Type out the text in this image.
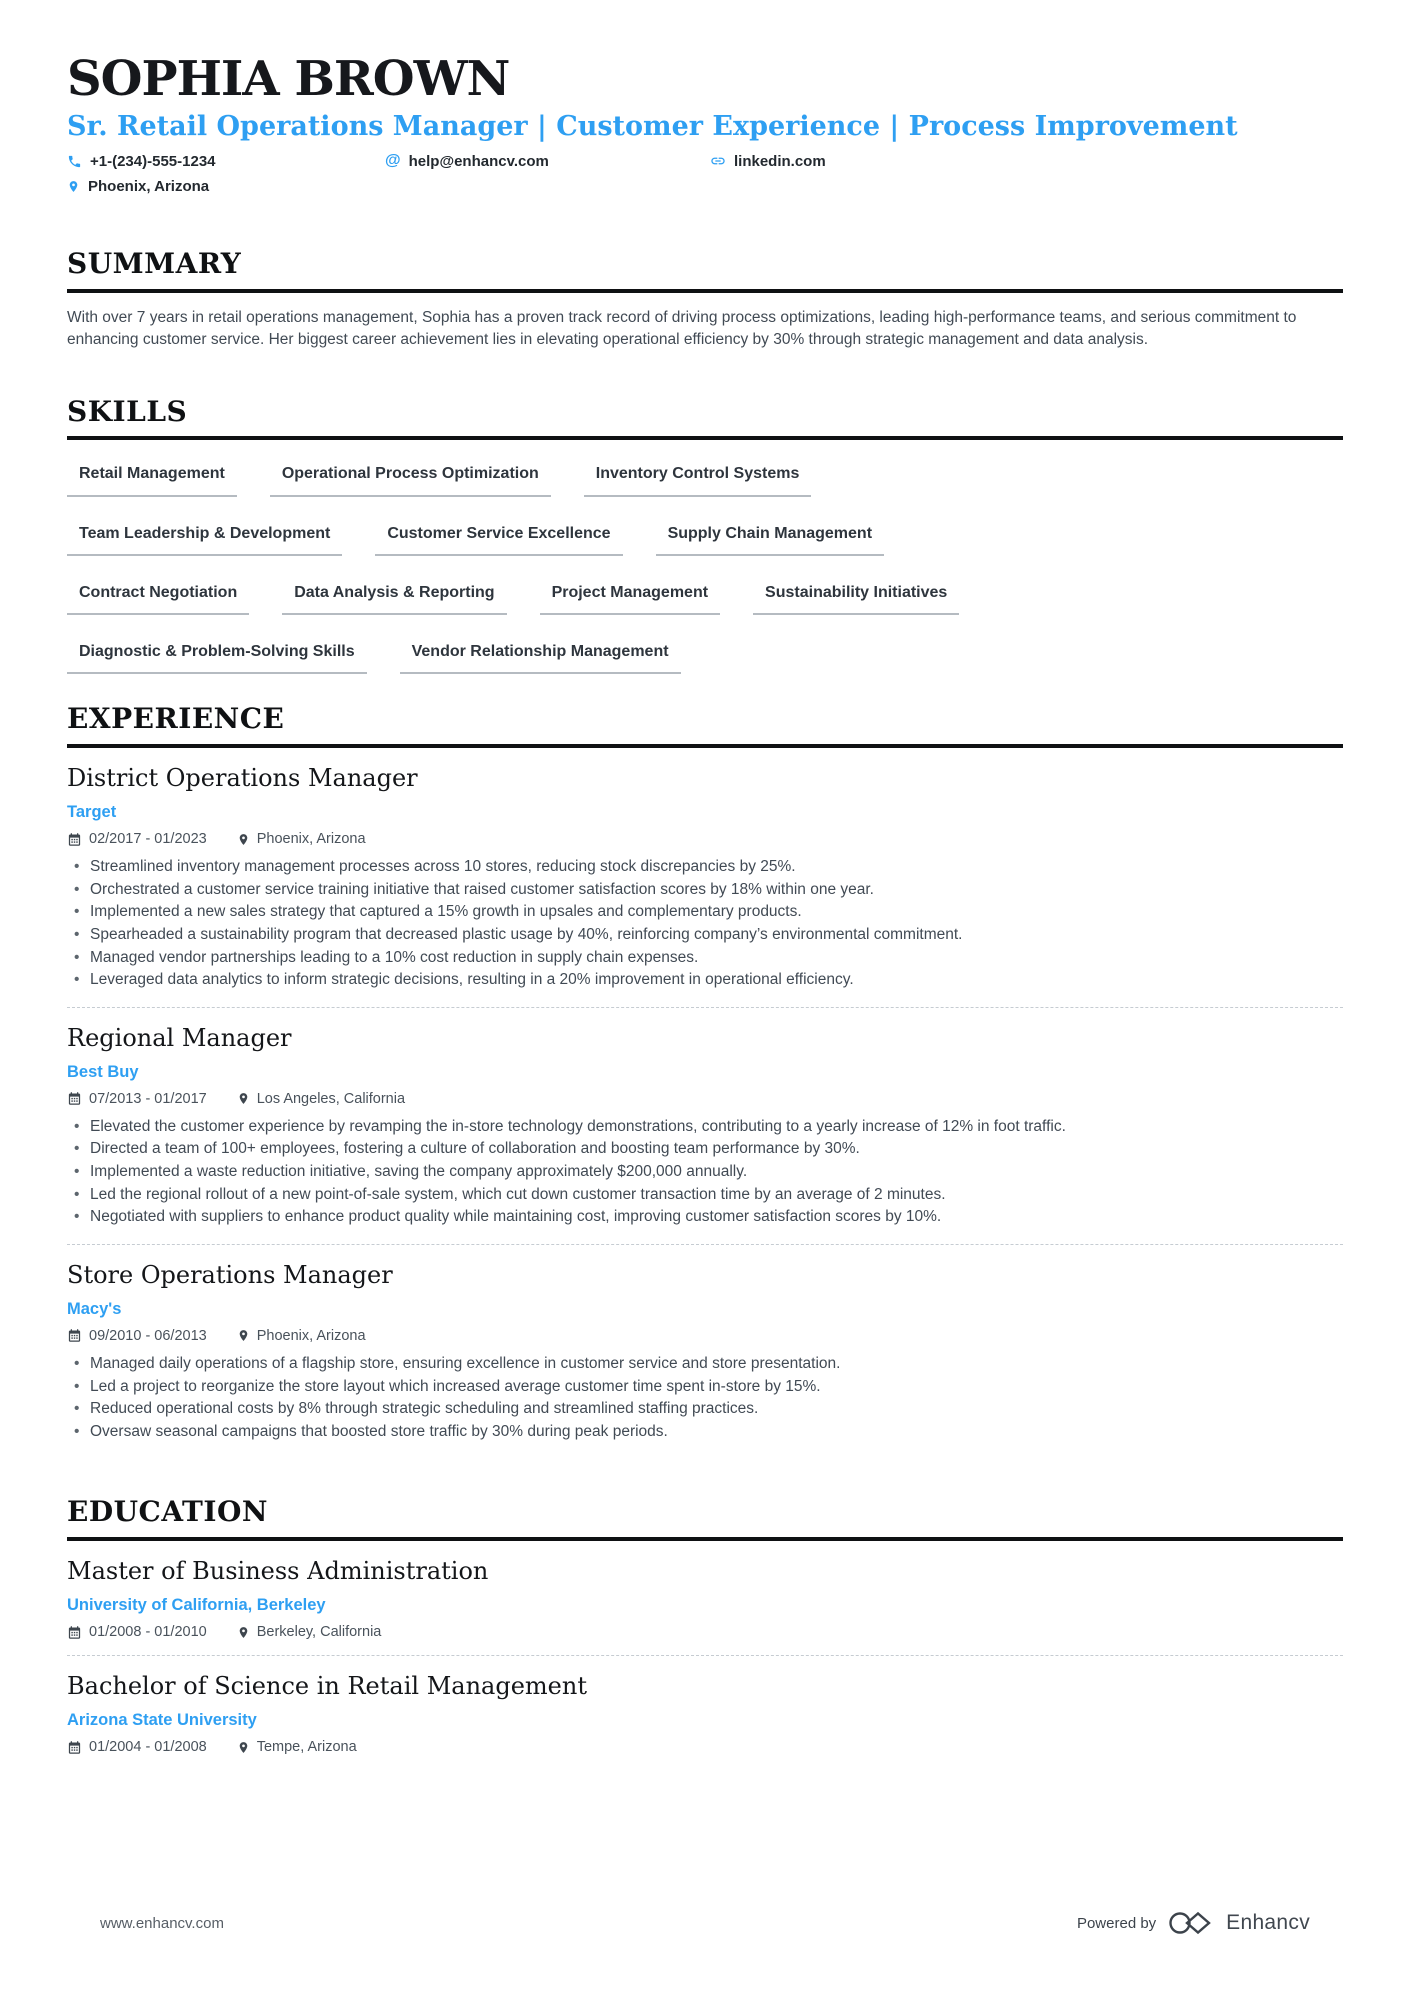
SOPHIA BROWN
Sr. Retail Operations Manager | Customer Experience | Process Improvement
+1-(234)-555-1234	@ help@enhancv.com	linkedin.com
Phoenix, Arizona
SUMMARY
With over 7 years in retail operations management, Sophia has a proven track record of driving process optimizations, leading high-performance teams, and serious commitment to enhancing customer service. Her biggest career achievement lies in elevating operational efficiency by 30% through strategic management and data analysis.
SKILLS
Retail Management	Operational Process Optimization	Inventory Control Systems
Team Leadership & Development	Customer Service Excellence	Supply Chain Management
Contract Negotiation	Data Analysis & Reporting	Project Management	Sustainability Initiatives
Diagnostic & Problem-Solving Skills	Vendor Relationship Management
EXPERIENCE
District Operations Manager
Target
02/2017 - 01/2023	Phoenix, Arizona
• Streamlined inventory management processes across 10 stores, reducing stock discrepancies by 25%.
• Orchestrated a customer service training initiative that raised customer satisfaction scores by 18% within one year.
• Implemented a new sales strategy that captured a 15% growth in upsales and complementary products.
• Spearheaded a sustainability program that decreased plastic usage by 40%, reinforcing company’s environmental commitment.
• Managed vendor partnerships leading to a 10% cost reduction in supply chain expenses.
• Leveraged data analytics to inform strategic decisions, resulting in a 20% improvement in operational efficiency.
Regional Manager
Best Buy
07/2013 - 01/2017	Los Angeles, California
• Elevated the customer experience by revamping the in-store technology demonstrations, contributing to a yearly increase of 12% in foot traffic.
• Directed a team of 100+ employees, fostering a culture of collaboration and boosting team performance by 30%.
• Implemented a waste reduction initiative, saving the company approximately $200,000 annually.
• Led the regional rollout of a new point-of-sale system, which cut down customer transaction time by an average of 2 minutes.
• Negotiated with suppliers to enhance product quality while maintaining cost, improving customer satisfaction scores by 10%.
Store Operations Manager
Macy's
09/2010 - 06/2013	Phoenix, Arizona
• Managed daily operations of a flagship store, ensuring excellence in customer service and store presentation.
• Led a project to reorganize the store layout which increased average customer time spent in-store by 15%.
• Reduced operational costs by 8% through strategic scheduling and streamlined staffing practices.
• Oversaw seasonal campaigns that boosted store traffic by 30% during peak periods.
EDUCATION
Master of Business Administration
University of California, Berkeley
01/2008 - 01/2010	Berkeley, California
Bachelor of Science in Retail Management
Arizona State University
01/2004 - 01/2008	Tempe, Arizona
www.enhancv.com	Powered by	Enhancv
